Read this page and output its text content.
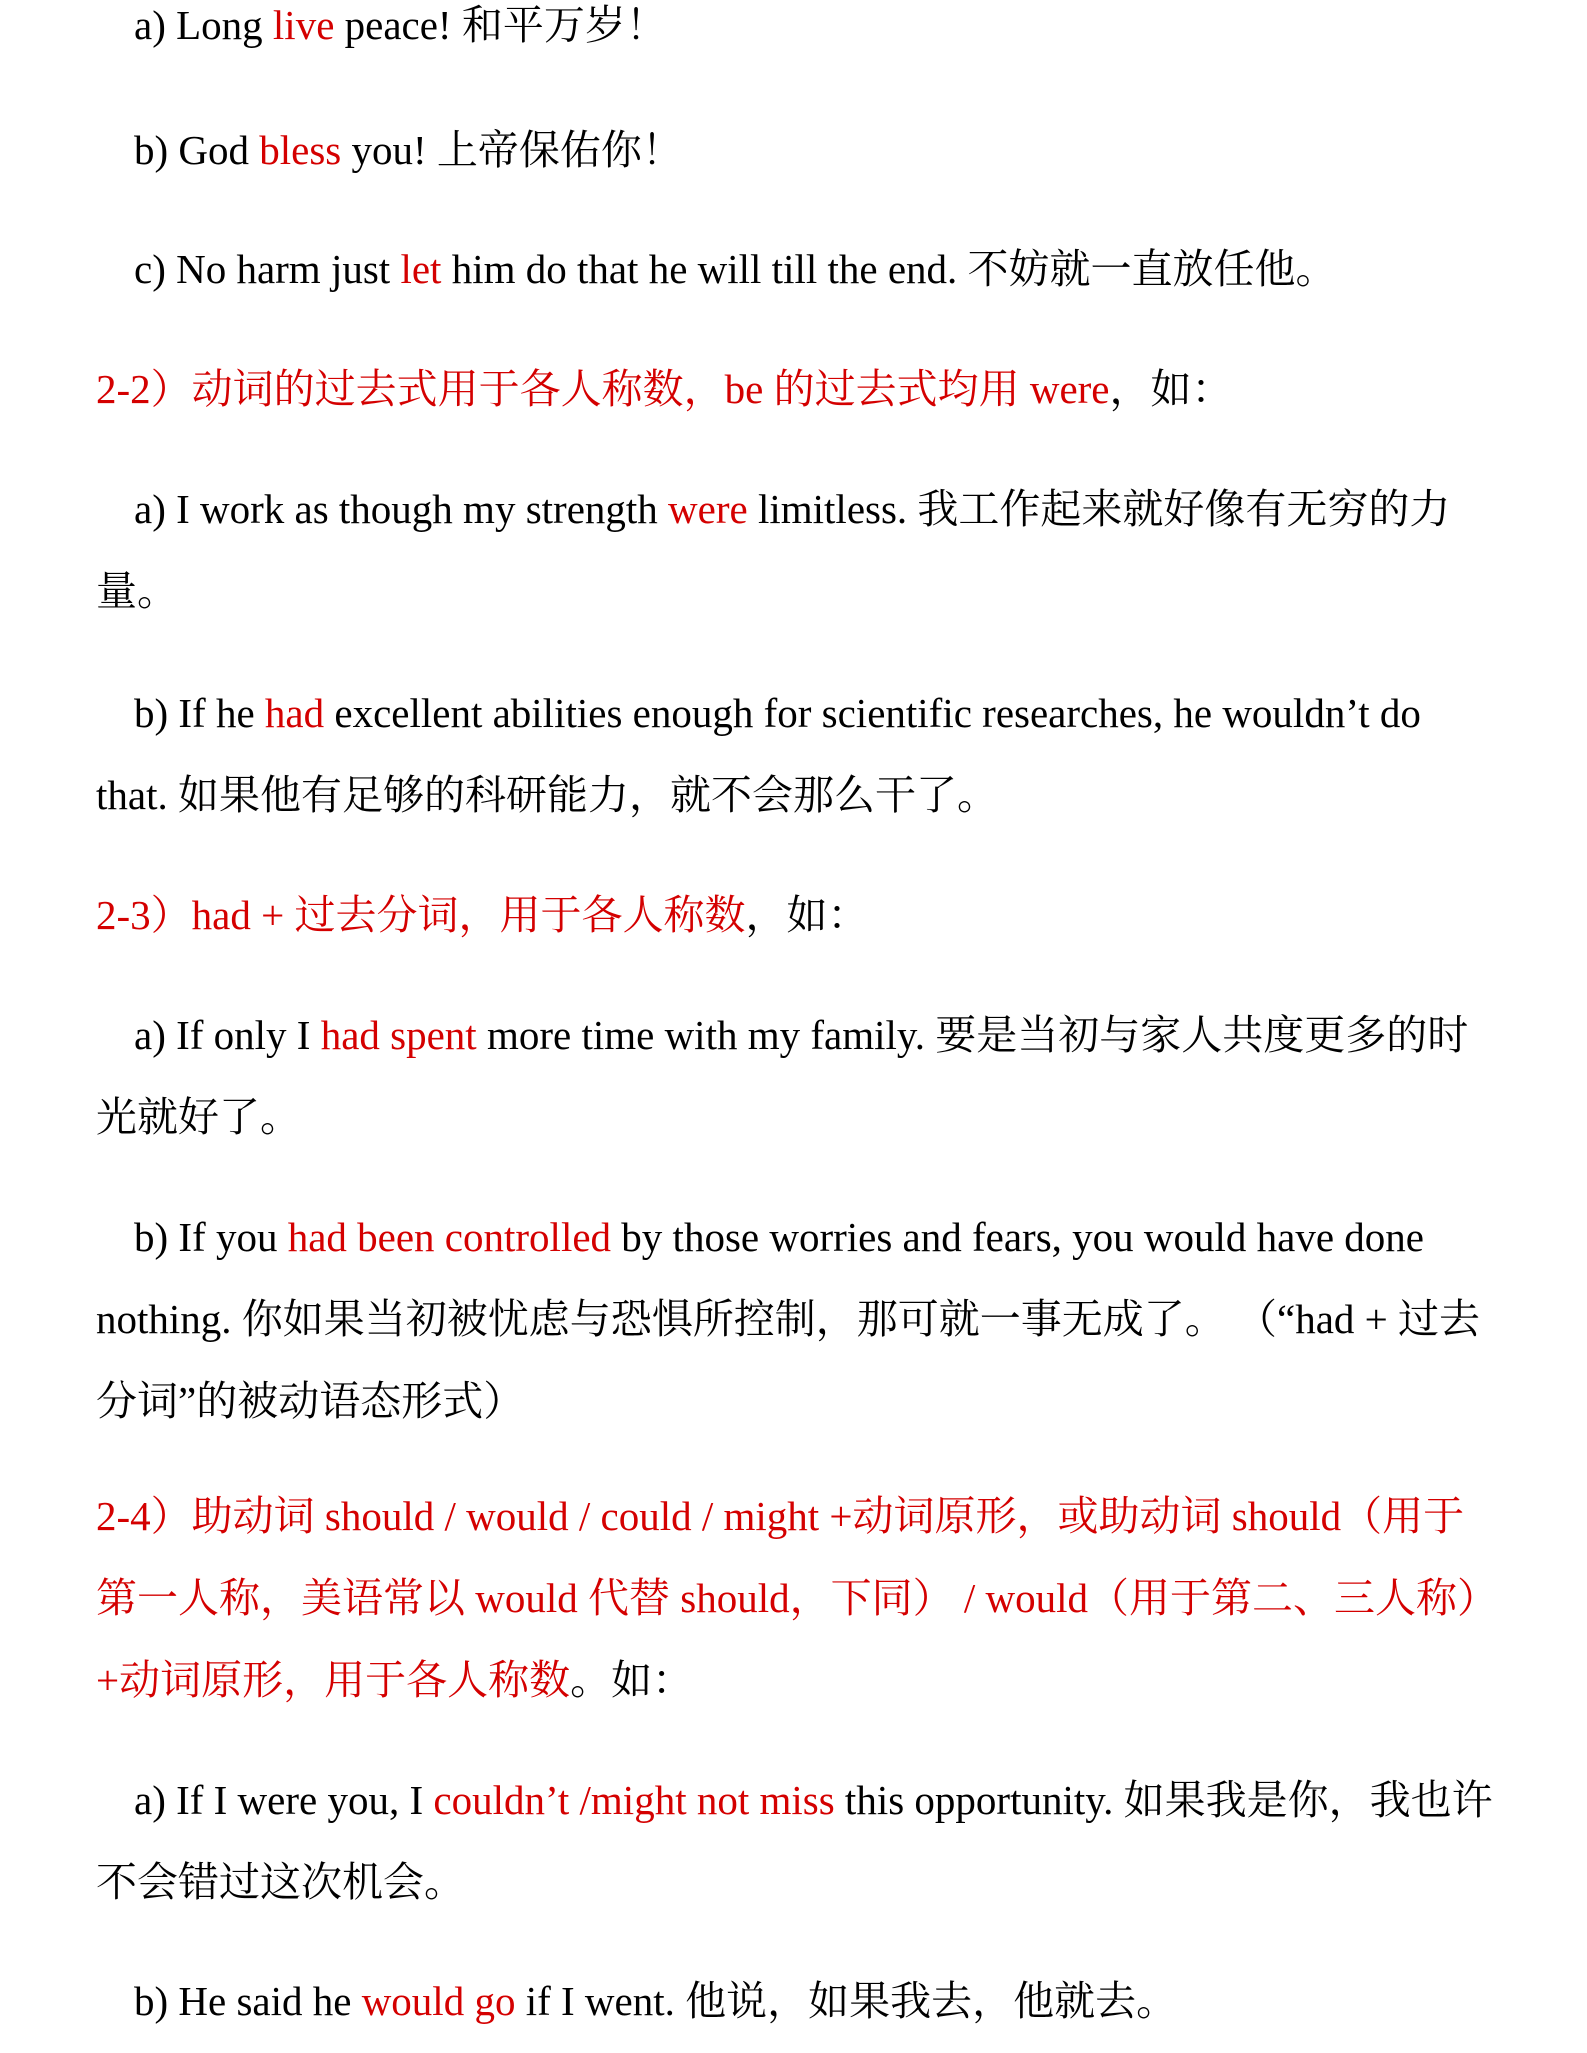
a) Long live peace! 和平万岁！

b) God bless you! 上帝保佑你！

c) No harm just let him do that he will till the end. 不妨就一直放任他。

2-2）动词的过去式用于各人称数，be 的过去式均用 were，如：

a) I work as though my strength were limitless. 我工作起来就好像有无穷的力量。

b) If he had excellent abilities enough for scientific researches, he wouldn’t do that. 如果他有足够的科研能力，就不会那么干了。

2-3）had + 过去分词，用于各人称数，如：

a) If only I had spent more time with my family. 要是当初与家人共度更多的时光就好了。

b) If you had been controlled by those worries and fears, you would have done nothing. 你如果当初被忧虑与恐惧所控制，那可就一事无成了。 （“had + 过去分词”的被动语态形式）

2-4）助动词 should / would / could / might +动词原形，或助动词 should（用于第一人称，美语常以 would 代替 should，下同） / would（用于第二、三人称）+动词原形，用于各人称数。如：

a) If I were you, I couldn’t /might not miss this opportunity. 如果我是你，我也许不会错过这次机会。

b) He said he would go if I went. 他说，如果我去，他就去。
